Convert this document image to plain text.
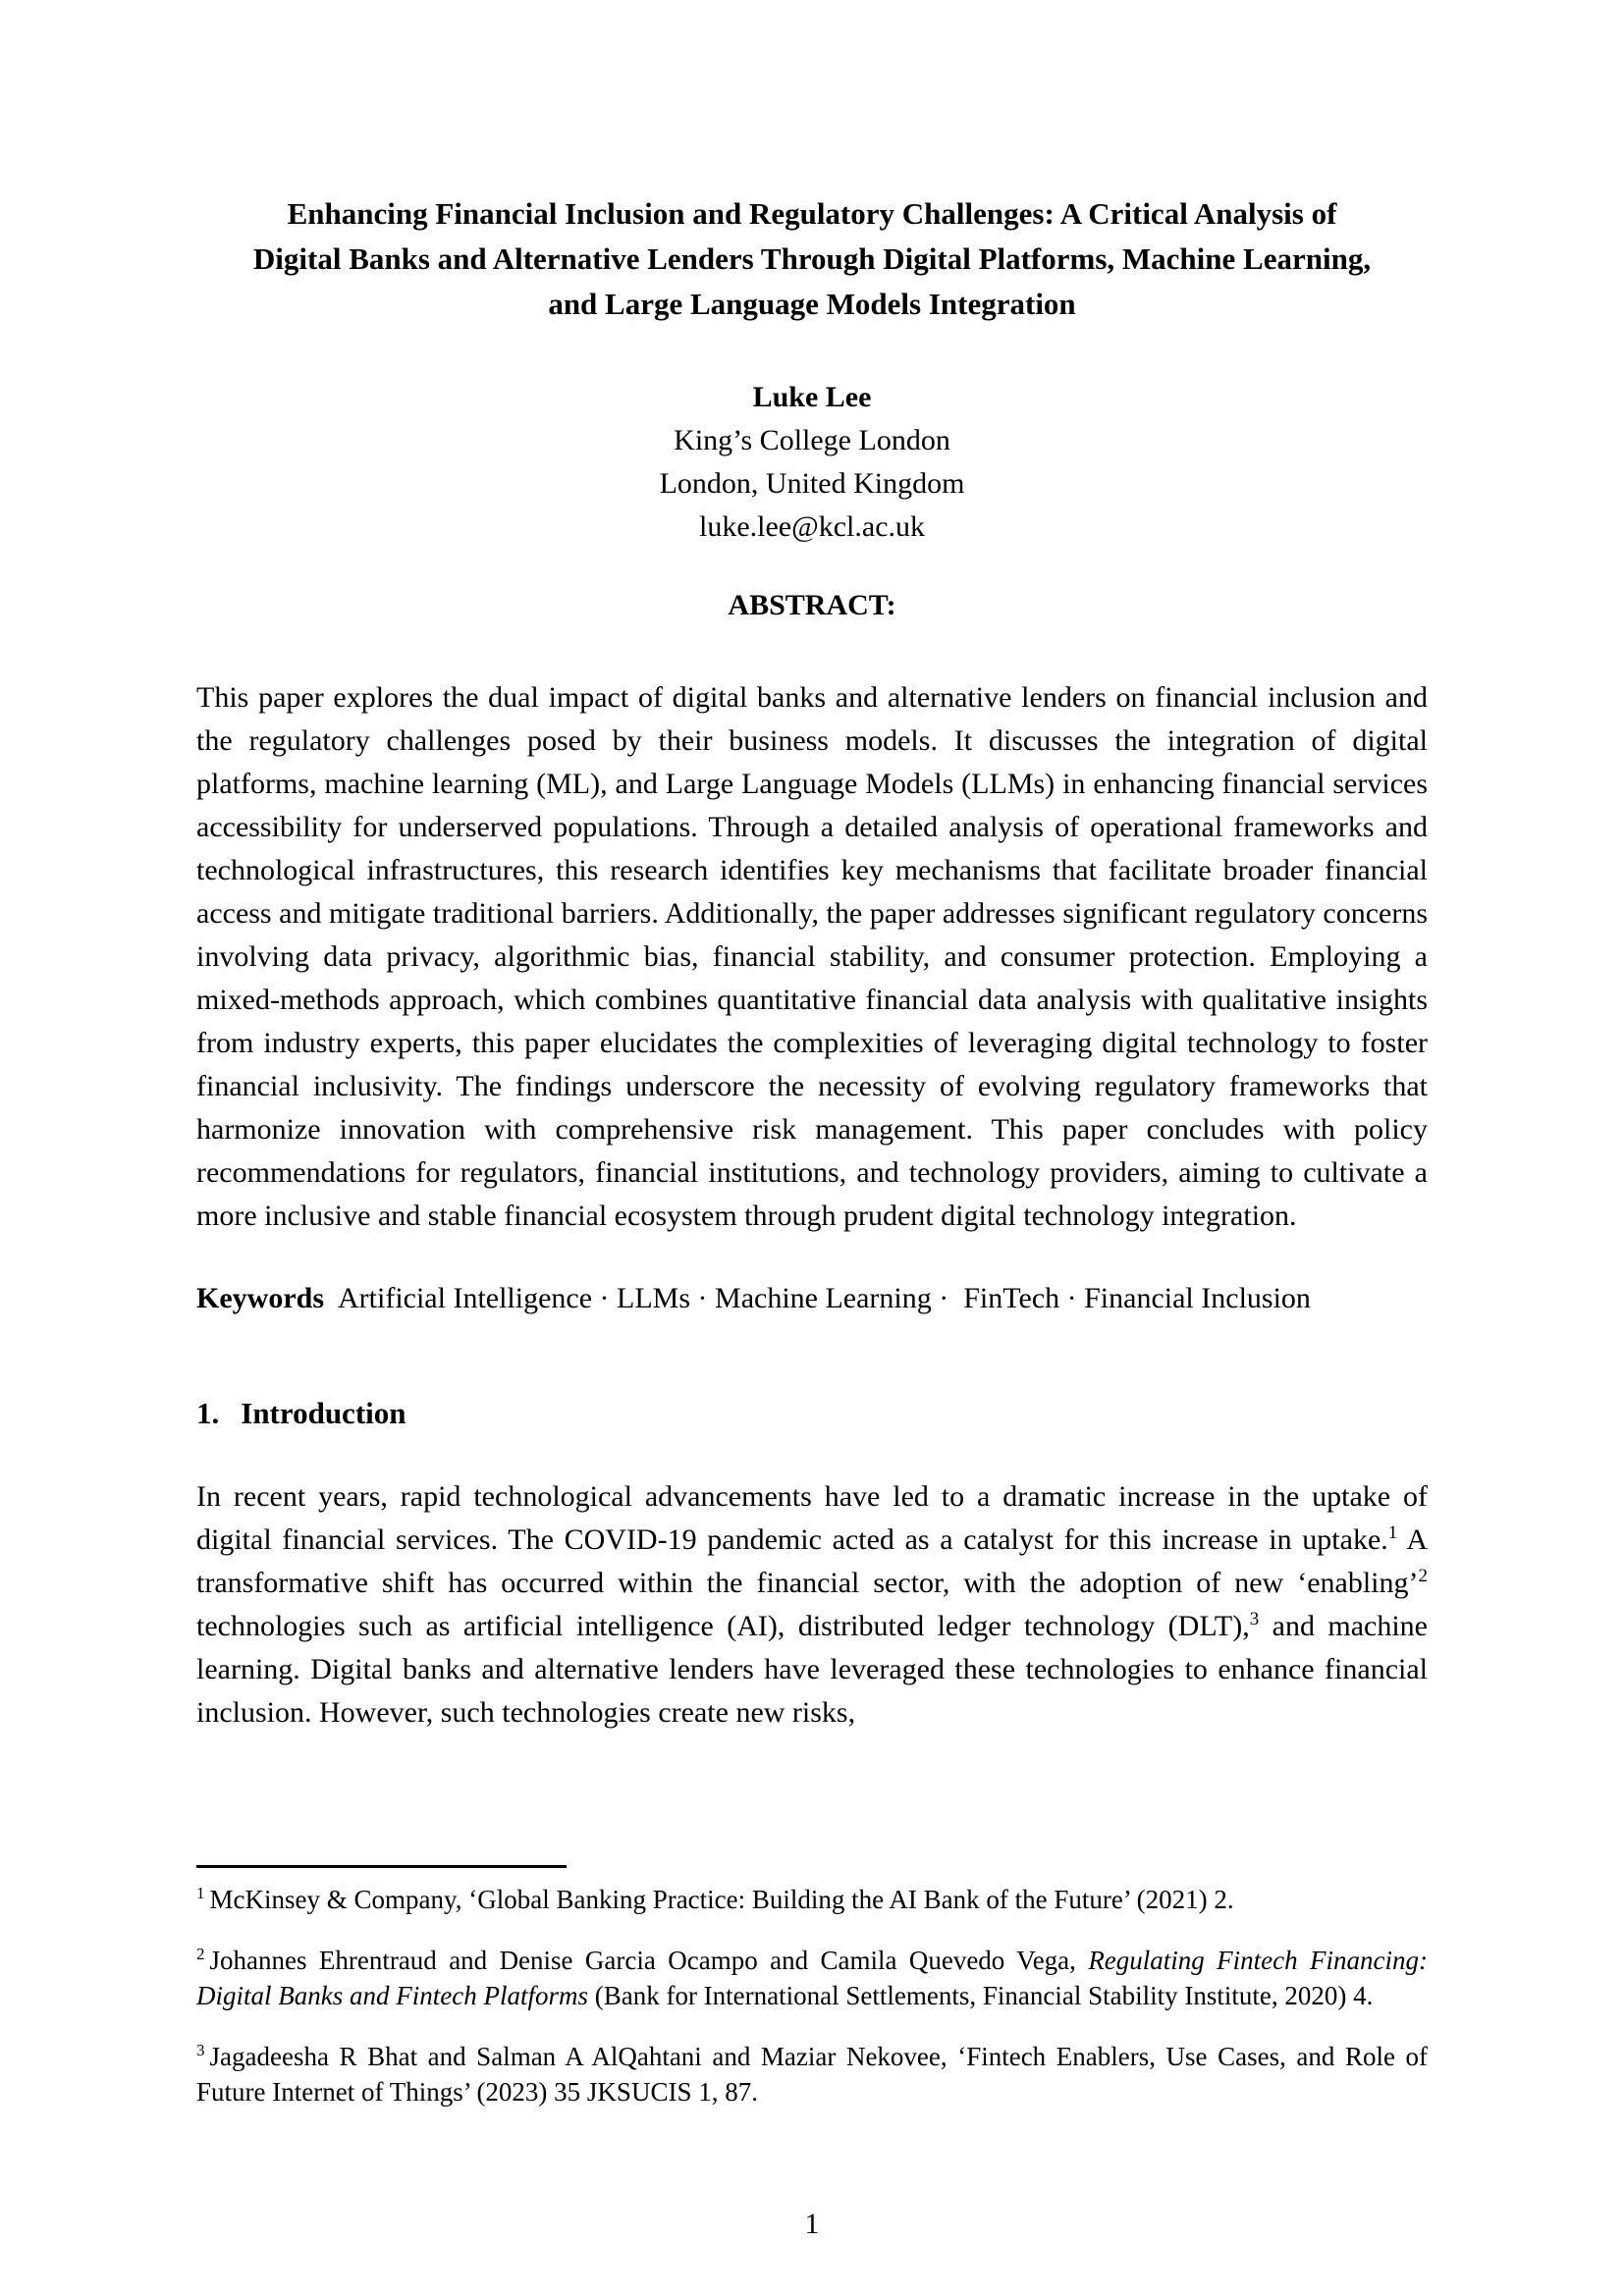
Enhancing Financial Inclusion and Regulatory Challenges: A Critical Analysis of
Digital Banks and Alternative Lenders Through Digital Platforms, Machine Learning,
and Large Language Models Integration
Luke Lee
King’s College London
London, United Kingdom
luke.lee@kcl.ac.uk
ABSTRACT:

This paper explores the dual impact of digital banks and alternative lenders on financial inclusion and the regulatory challenges posed by their business models. It discusses the integration of digital platforms, machine learning (ML), and Large Language Models (LLMs) in enhancing financial services accessibility for underserved populations. Through a detailed analysis of operational frameworks and technological infrastructures, this research identifies key mechanisms that facilitate broader financial access and mitigate traditional barriers. Additionally, the paper addresses significant regulatory concerns involving data privacy, algorithmic bias, financial stability, and consumer protection. Employing a mixed-methods approach, which combines quantitative financial data analysis with qualitative insights from industry experts, this paper elucidates the complexities of leveraging digital technology to foster financial inclusivity. The findings underscore the necessity of evolving regulatory frameworks that harmonize innovation with comprehensive risk management. This paper concludes with policy recommendations for regulators, financial institutions, and technology providers, aiming to cultivate a more inclusive and stable financial ecosystem through prudent digital technology integration.

Keywords Artificial Intelligence · LLMs · Machine Learning ·  FinTech · Financial Inclusion

1. Introduction

In recent years, rapid technological advancements have led to a dramatic increase in the uptake of digital financial services. The COVID-19 pandemic acted as a catalyst for this increase in uptake.$^1$ A transformative shift has occurred within the financial sector, with the adoption of new ‘enabling’$^2$ technologies such as artificial intelligence (AI), distributed ledger technology (DLT),$^3$ and machine learning. Digital banks and alternative lenders have leveraged these technologies to enhance financial inclusion. However, such technologies create new risks,

$^1$ McKinsey & Company, ‘Global Banking Practice: Building the AI Bank of the Future’ (2021) 2.

$^2$ Johannes Ehrentraud and Denise Garcia Ocampo and Camila Quevedo Vega, Regulating Fintech Financing: Digital Banks and Fintech Platforms (Bank for International Settlements, Financial Stability Institute, 2020) 4.

$^3$ Jagadeesha R Bhat and Salman A AlQahtani and Maziar Nekovee, ‘Fintech Enablers, Use Cases, and Role of Future Internet of Things’ (2023) 35 JKSUCIS 1, 87.

1
